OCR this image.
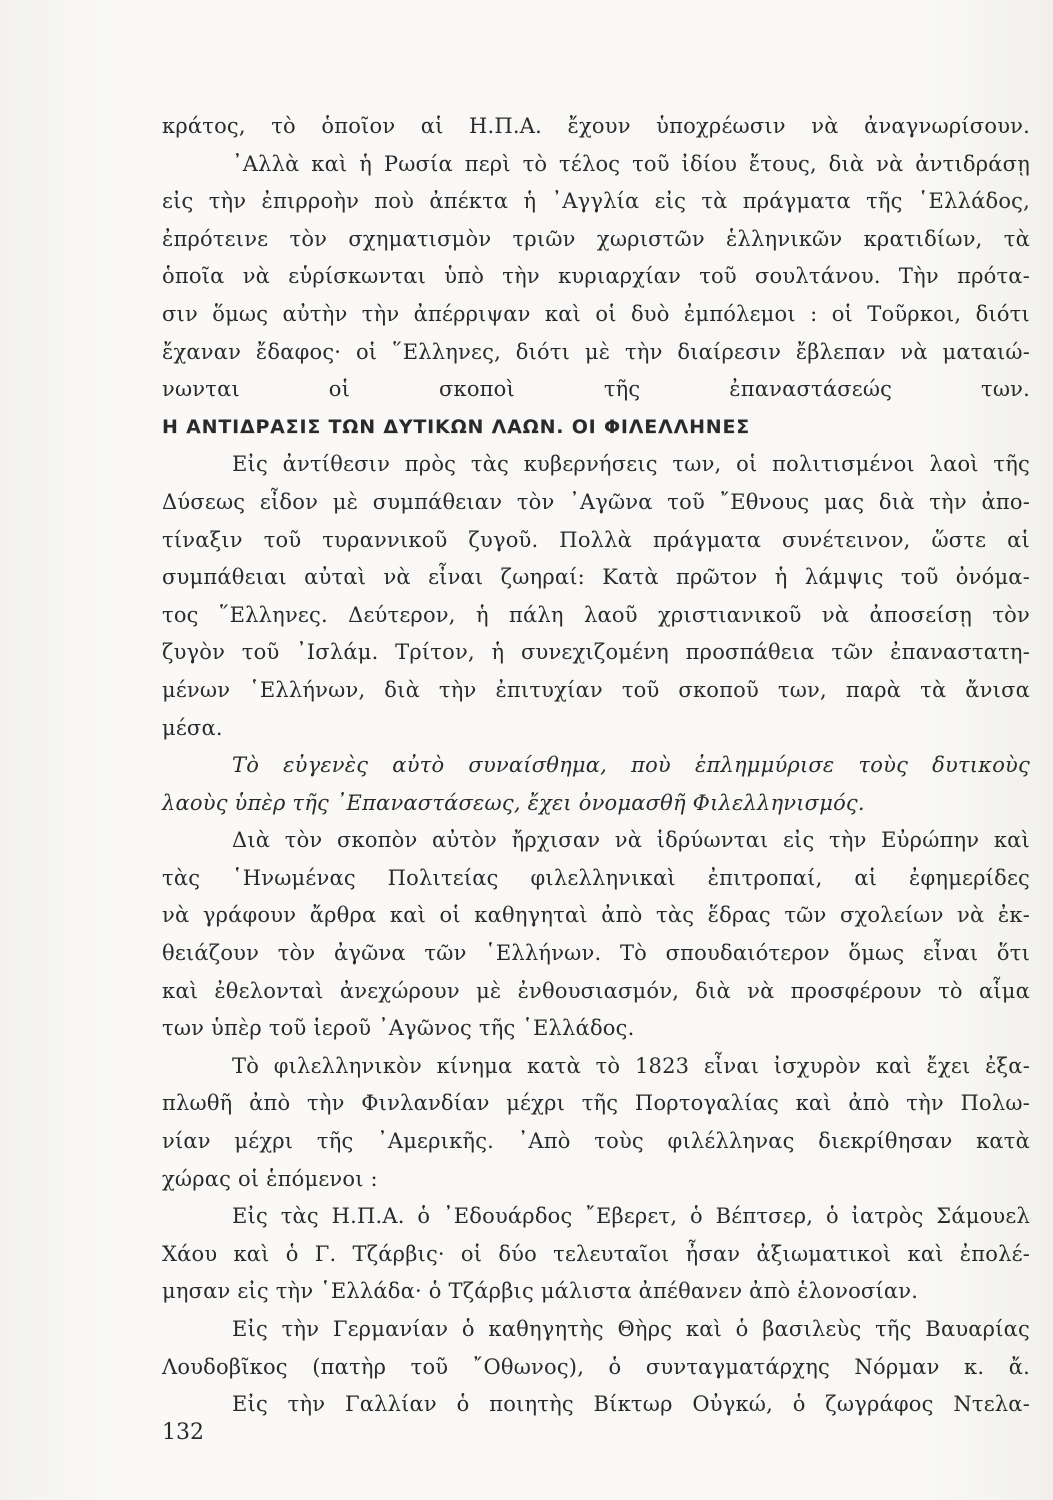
κράτος, τὸ ὁποῖον αἱ Η.Π.Α. ἔχουν ὑποχρέωσιν νὰ ἀναγνωρίσουν.
᾿Αλλὰ καὶ ἡ Ρωσία περὶ τὸ τέλος τοῦ ἰδίου ἔτους, διὰ νὰ ἀντιδράσῃ
εἰς τὴν ἐπιρροὴν ποὺ ἀπέκτα ἡ ᾿Αγγλία εἰς τὰ πράγματα τῆς ῾Ελλάδος,
ἐπρότεινε τὸν σχηματισμὸν τριῶν χωριστῶν ἑλληνικῶν κρατιδίων, τὰ
ὁποῖα νὰ εὑρίσκωνται ὑπὸ τὴν κυριαρχίαν τοῦ σουλτάνου. Τὴν πρότα-
σιν ὅμως αὐτὴν τὴν ἀπέρριψαν καὶ οἱ δυὸ ἐμπόλεμοι : οἱ Τοῦρκοι, διότι
ἔχαναν ἔδαφος· οἱ ῞Ελληνες, διότι μὲ τὴν διαίρεσιν ἔβλεπαν νὰ ματαιώ-
νωνται οἱ σκοποὶ τῆς ἐπαναστάσεώς των.
Η ΑΝΤΙΔΡΑΣΙΣ ΤΩΝ ΔΥΤΙΚΩΝ ΛΑΩΝ. ΟΙ ΦΙΛΕΛΛΗΝΕΣ
Εἰς ἀντίθεσιν πρὸς τὰς κυβερνήσεις των, οἱ πολιτισμένοι λαοὶ τῆς
Δύσεως εἶδον μὲ συμπάθειαν τὸν ᾿Αγῶνα τοῦ ῎Εθνους μας διὰ τὴν ἀπο-
τίναξιν τοῦ τυραννικοῦ ζυγοῦ. Πολλὰ πράγματα συνέτεινον, ὥστε αἱ
συμπάθειαι αὐταὶ νὰ εἶναι ζωηραί: Κατὰ πρῶτον ἡ λάμψις τοῦ ὀνόμα-
τος ῞Ελληνες. Δεύτερον, ἡ πάλη λαοῦ χριστιανικοῦ νὰ ἀποσείσῃ τὸν
ζυγὸν τοῦ ᾿Ισλάμ. Τρίτον, ἡ συνεχιζομένη προσπάθεια τῶν ἐπαναστατη-
μένων ῾Ελλήνων, διὰ τὴν ἐπιτυχίαν τοῦ σκοποῦ των, παρὰ τὰ ἄνισα
μέσα.
Τὸ εὐγενὲς αὐτὸ συναίσθημα, ποὺ ἐπλημμύρισε τοὺς δυτικοὺς
λαοὺς ὑπὲρ τῆς ᾿Επαναστάσεως, ἔχει ὀνομασθῆ Φιλελληνισμός.
Διὰ τὸν σκοπὸν αὐτὸν ἤρχισαν νὰ ἱδρύωνται εἰς τὴν Εὐρώπην καὶ
τὰς ῾Ηνωμένας Πολιτείας φιλελληνικαὶ ἐπιτροπαί, αἱ ἐφημερίδες
νὰ γράφουν ἄρθρα καὶ οἱ καθηγηταὶ ἀπὸ τὰς ἕδρας τῶν σχολείων νὰ ἐκ-
θειάζουν τὸν ἀγῶνα τῶν ῾Ελλήνων. Τὸ σπουδαιότερον ὅμως εἶναι ὅτι
καὶ ἐθελονταὶ ἀνεχώρουν μὲ ἐνθουσιασμόν, διὰ νὰ προσφέρουν τὸ αἷμα
των ὑπὲρ τοῦ ἱεροῦ ᾿Αγῶνος τῆς ῾Ελλάδος.
Τὸ φιλελληνικὸν κίνημα κατὰ τὸ 1823 εἶναι ἰσχυρὸν καὶ ἔχει ἐξα-
πλωθῆ ἀπὸ τὴν Φινλανδίαν μέχρι τῆς Πορτογαλίας καὶ ἀπὸ τὴν Πολω-
νίαν μέχρι τῆς ᾿Αμερικῆς. ᾿Απὸ τοὺς φιλέλληνας διεκρίθησαν κατὰ
χώρας οἱ ἑπόμενοι :
Εἰς τὰς Η.Π.Α. ὁ ᾿Εδουάρδος ῎Εβερετ, ὁ Βέπτσερ, ὁ ἰατρὸς Σάμουελ
Χάου καὶ ὁ Γ. Τζάρβις· οἱ δύο τελευταῖοι ἦσαν ἀξιωματικοὶ καὶ ἐπολέ-
μησαν εἰς τὴν ῾Ελλάδα· ὁ Τζάρβις μάλιστα ἀπέθανεν ἀπὸ ἑλονοσίαν.
Εἰς τὴν Γερμανίαν ὁ καθηγητὴς Θὴρς καὶ ὁ βασιλεὺς τῆς Βαυαρίας
Λουδοβῖκος (πατὴρ τοῦ ῎Οθωνος), ὁ συνταγματάρχης Νόρμαν κ. ἄ.
Εἰς τὴν Γαλλίαν ὁ ποιητὴς Βίκτωρ Οὐγκώ, ὁ ζωγράφος Ντελα-
132
